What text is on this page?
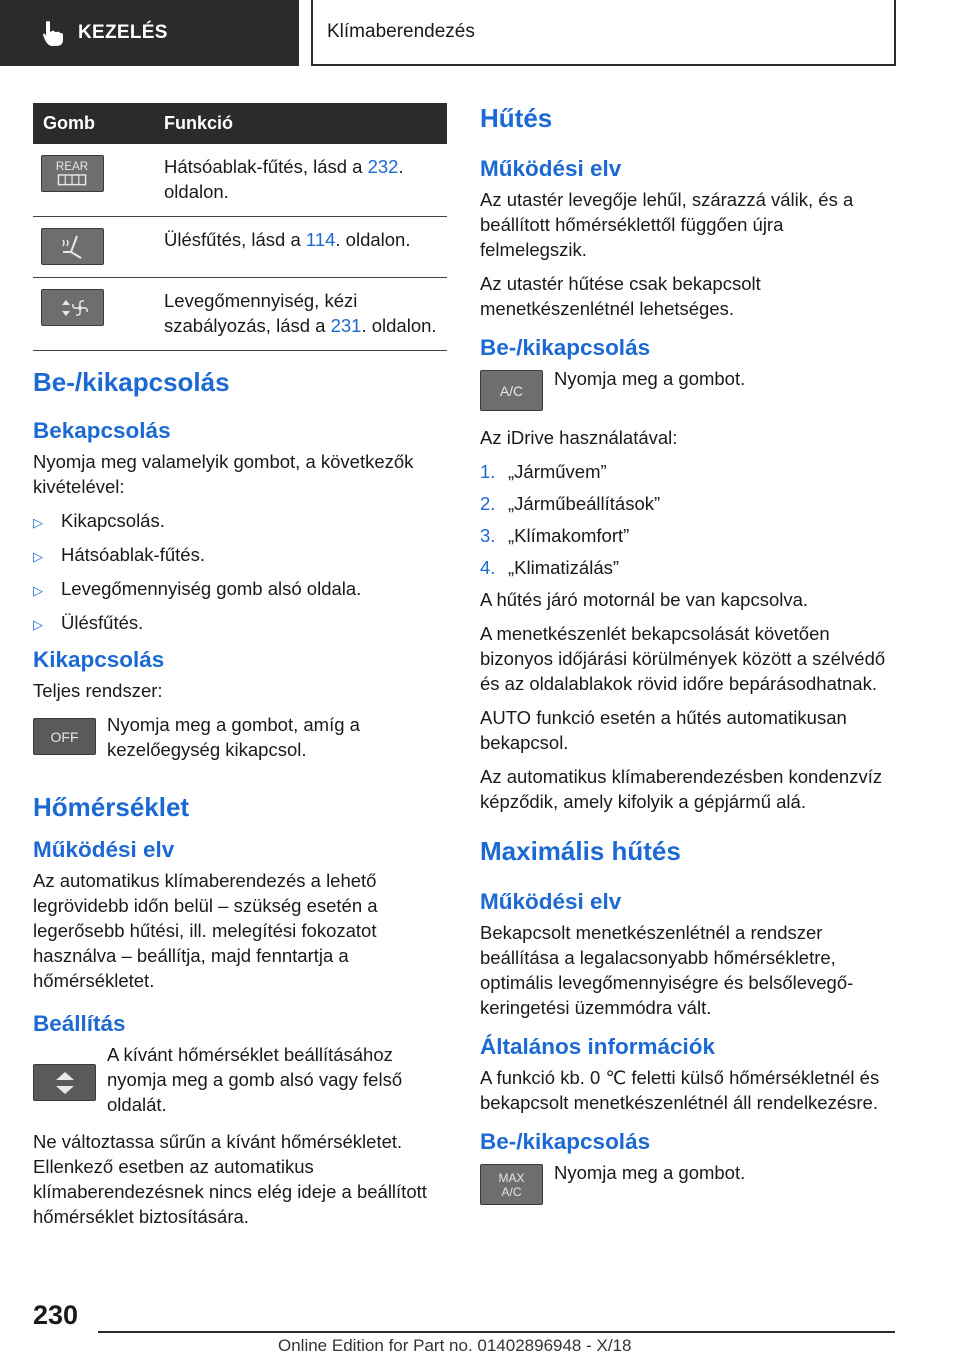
KEZELÉS	Klímaberendezés
Gomb	Funkció

REAR	Hátsóablak-fűtés, lásd a 232. oldalon.

	Ülésfűtés, lásd a 114. oldalon.

	Levegőmennyiség, kézi szabályozás, lásd a 231. oldalon.
Be-/kikapcsolás
Bekapcsolás

Nyomja meg valamelyik gombot, a következők kivételével:

▷ Kikapcsolás.
▷ Hátsóablak-fűtés.
▷ Levegőmennyiség gomb alsó oldala.
▷ Ülésfűtés.
Kikapcsolás

Teljes rendszer:

OFF

Nyomja meg a gombot, amíg a kezelőegység kikapcsol.

Hőmérséklet
Működési elv

Az automatikus klímaberendezés a lehető legrövidebb időn belül – szükség esetén a legerősebb hűtési, ill. melegítési fokozatot használva – beállítja, majd fenntartja a hőmérsékletet.

Beállítás

A kívánt hőmérséklet beállításához nyomja meg a gomb alsó vagy felső oldalát.

Ne változtassa sűrűn a kívánt hőmérsékletet. Ellenkező esetben az automatikus klímaberendezésnek nincs elég ideje a beállított hőmérséklet biztosítására.

Hűtés
Működési elv

Az utastér levegője lehűl, szárazzá válik, és a beállított hőmérséklettől függően újra felmelegszik.

Az utastér hűtése csak bekapcsolt menetkészenlétnél lehetséges.

Be-/kikapcsolás
A/C

Nyomja meg a gombot.

Az iDrive használatával:

1. „Járművem”
2. „Járműbeállítások”
3. „Klímakomfort”
4. „Klimatizálás”

A hűtés járó motornál be van kapcsolva.

A menetkészenlét bekapcsolását követően bizonyos időjárási körülmények között a szélvédő és az oldalablakok rövid időre bepárásodhatnak.

AUTO funkció esetén a hűtés automatikusan bekapcsol.

Az automatikus klímaberendezésben kondenzvíz képződik, amely kifolyik a gépjármű alá.

Maximális hűtés
Működési elv

Bekapcsolt menetkészenlétnél a rendszer beállítása a legalacsonyabb hőmérsékletre, optimális levegőmennyiségre és belsőlevegő-keringetési üzemmódra vált.

Általános információk

A funkció kb. 0 ℃ feletti külső hőmérsékletnél és bekapcsolt menetkészenlétnél áll rendelkezésre.

Be-/kikapcsolás
MAX
A/C

Nyomja meg a gombot.

230
Online Edition for Part no. 01402896948 - X/18
